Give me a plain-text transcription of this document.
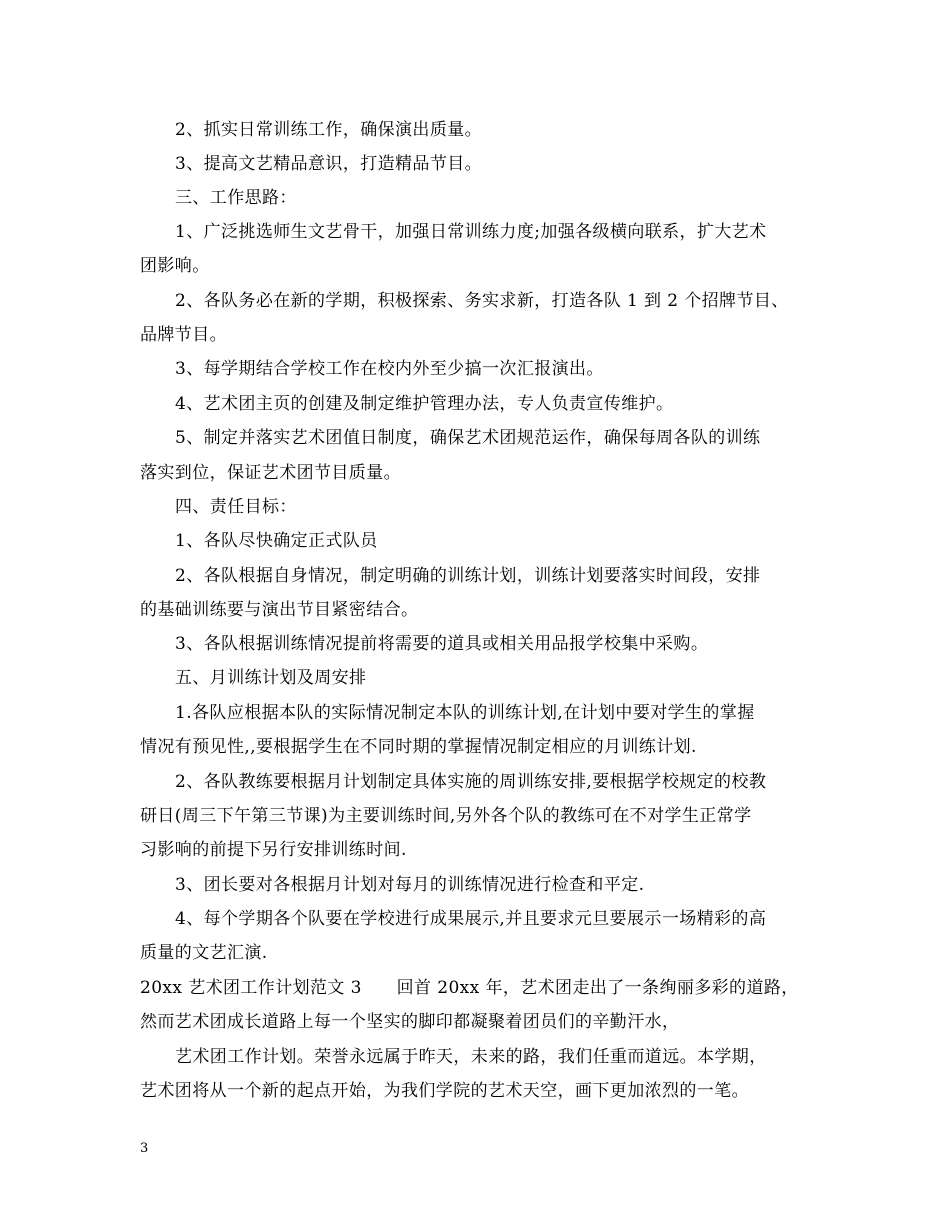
2、抓实日常训练工作，确保演出质量。
3、提高文艺精品意识，打造精品节目。
三、工作思路：
1、广泛挑选师生文艺骨干，加强日常训练力度;加强各级横向联系，扩大艺术
团影响。
2、各队务必在新的学期，积极探索、务实求新，打造各队 1 到 2 个招牌节目、
品牌节目。
3、每学期结合学校工作在校内外至少搞一次汇报演出。
4、艺术团主页的创建及制定维护管理办法，专人负责宣传维护。
5、制定并落实艺术团值日制度，确保艺术团规范运作，确保每周各队的训练
落实到位，保证艺术团节目质量。
四、责任目标：
1、各队尽快确定正式队员
2、各队根据自身情况，制定明确的训练计划，训练计划要落实时间段，安排
的基础训练要与演出节目紧密结合。
3、各队根据训练情况提前将需要的道具或相关用品报学校集中采购。
五、月训练计划及周安排
1.各队应根据本队的实际情况制定本队的训练计划,在计划中要对学生的掌握
情况有预见性,,要根据学生在不同时期的掌握情况制定相应的月训练计划.
2、各队教练要根据月计划制定具体实施的周训练安排,要根据学校规定的校教
研日(周三下午第三节课)为主要训练时间,另外各个队的教练可在不对学生正常学
习影响的前提下另行安排训练时间.
3、团长要对各根据月计划对每月的训练情况进行检查和平定.
4、每个学期各个队要在学校进行成果展示,并且要求元旦要展示一场精彩的高
质量的文艺汇演.
20xx 艺术团工作计划范文 3　　回首 20xx 年，艺术团走出了一条绚丽多彩的道路，
然而艺术团成长道路上每一个坚实的脚印都凝聚着团员们的辛勤汗水，
艺术团工作计划。荣誉永远属于昨天，未来的路，我们任重而道远。本学期，
艺术团将从一个新的起点开始，为我们学院的艺术天空，画下更加浓烈的一笔。
3
